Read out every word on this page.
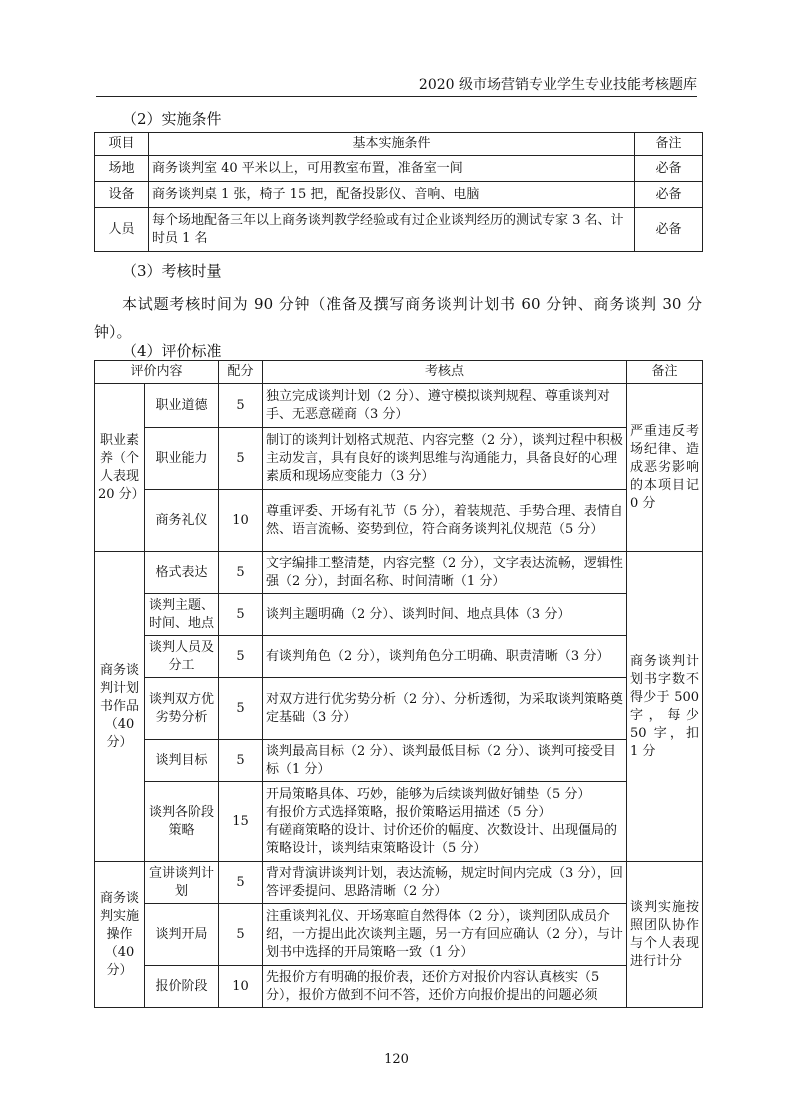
2020 级市场营销专业学生专业技能考核题库
（2）实施条件
项目	基本实施条件	备注
场地	商务谈判室 40 平米以上，可用教室布置，准备室一间	必备
设备	商务谈判桌 1 张，椅子 15 把，配备投影仪、音响、电脑	必备
人员	每个场地配备三年以上商务谈判教学经验或有过企业谈判经历的测试专家 3 名、计时员 1 名	必备
（3）考核时量
本试题考核时间为 90 分钟（准备及撰写商务谈判计划书 60 分钟、商务谈判 30 分钟）。
（4）评价标准
评价内容		配分	考核点	备注
职业素养（个人表现 20 分）	职业道德	5	独立完成谈判计划（2 分）、遵守模拟谈判规程、尊重谈判对手、无恶意磋商（3 分）	严重违反考场纪律、造成恶劣影响的本项目记 0 分
	职业能力	5	制订的谈判计划格式规范、内容完整（2 分），谈判过程中积极主动发言，具有良好的谈判思维与沟通能力，具备良好的心理素质和现场应变能力（3 分）	
	商务礼仪	10	尊重评委、开场有礼节（5 分），着装规范、手势合理、表情自然、语言流畅、姿势到位，符合商务谈判礼仪规范（5 分）	
商务谈判计划书作品（40 分）	格式表达	5	文字编排工整清楚，内容完整（2 分），文字表达流畅，逻辑性强（2 分），封面名称、时间清晰（1 分）	商务谈判计划书字数不得少于 500 字，每少 50 字，扣 1 分
	谈判主题、时间、地点	5	谈判主题明确（2 分）、谈判时间、地点具体（3 分）	
	谈判人员及分工	5	有谈判角色（2 分），谈判角色分工明确、职责清晰（3 分）	
	谈判双方优劣势分析	5	对双方进行优劣势分析（2 分）、分析透彻，为采取谈判策略奠定基础（3 分）	
	谈判目标	5	谈判最高目标（2 分）、谈判最低目标（2 分）、谈判可接受目标（1 分）	
	谈判各阶段策略	15	开局策略具体、巧妙，能够为后续谈判做好铺垫（5 分）
有报价方式选择策略，报价策略运用描述（5 分）
有磋商策略的设计、讨价还价的幅度、次数设计、出现僵局的策略设计，谈判结束策略设计（5 分）	
商务谈判实施操作（40 分）	宣讲谈判计划	5	背对背演讲谈判计划，表达流畅，规定时间内完成（3 分），回答评委提问、思路清晰（2 分）	谈判实施按照团队协作与个人表现进行计分
	谈判开局	5	注重谈判礼仪、开场寒暄自然得体（2 分），谈判团队成员介绍，一方提出此次谈判主题，另一方有回应确认（2 分），与计划书中选择的开局策略一致（1 分）	
	报价阶段	10	先报价方有明确的报价表，还价方对报价内容认真核实（5 分），报价方做到不问不答，还价方向报价提出的问题必须	
120
